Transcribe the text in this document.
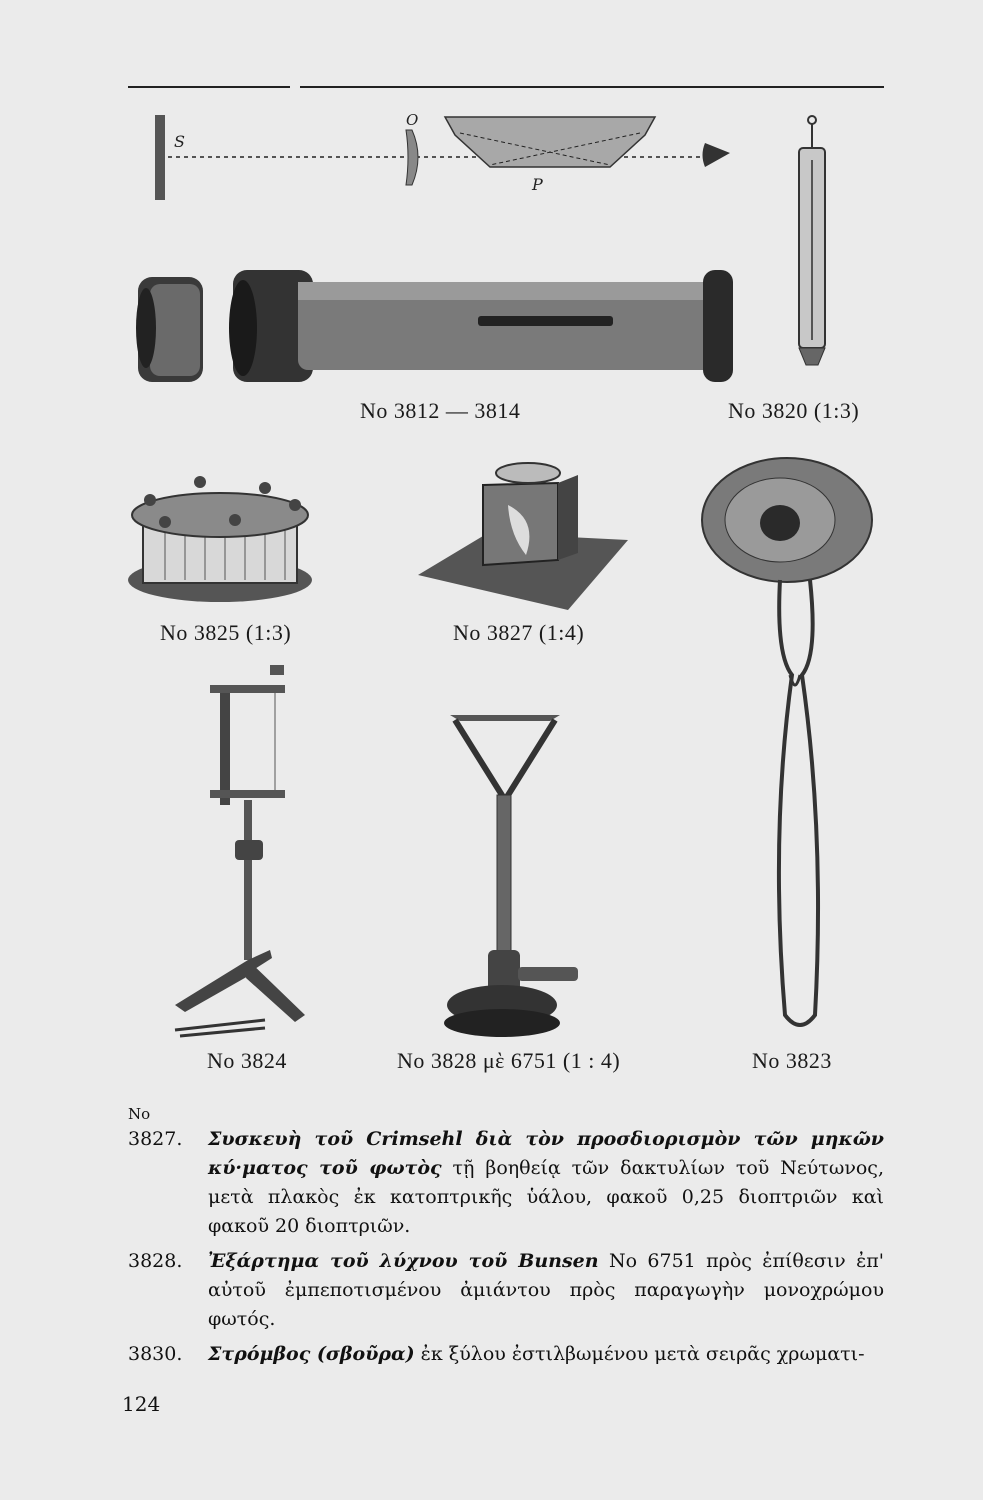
S
O
P
No 3812 — 3814	No 3820 (1:3)
No 3825 (1:3)	No 3827 (1:4)
No 3824	No 3828 μὲ 6751 (1 : 4)	No 3823
No
3827. Συσκευὴ τοῦ Crimsehl διὰ τὸν προσδιορισμὸν τῶν μηκῶν κύ·ματος τοῦ φωτὸς τῇ βοηθείᾳ τῶν δακτυλίων τοῦ Νεύτωνος, μετὰ πλακὸς ἐκ κατοπτρικῆς ὑάλου, φακοῦ 0,25 διοπτριῶν καὶ φακοῦ 20 διοπτριῶν.
3828. Ἐξάρτημα τοῦ λύχνου τοῦ Bunsen No 6751 πρὸς ἐπίθεσιν ἐπ' αὐτοῦ ἐμπεποτισμένου ἀμιάντου πρὸς παραγωγὴν μονοχρώμου φωτός.
3830. Στρόμβος (σβοῦρα) ἐκ ξύλου ἐστιλβωμένου μετὰ σειρᾶς χρωματι-
124
